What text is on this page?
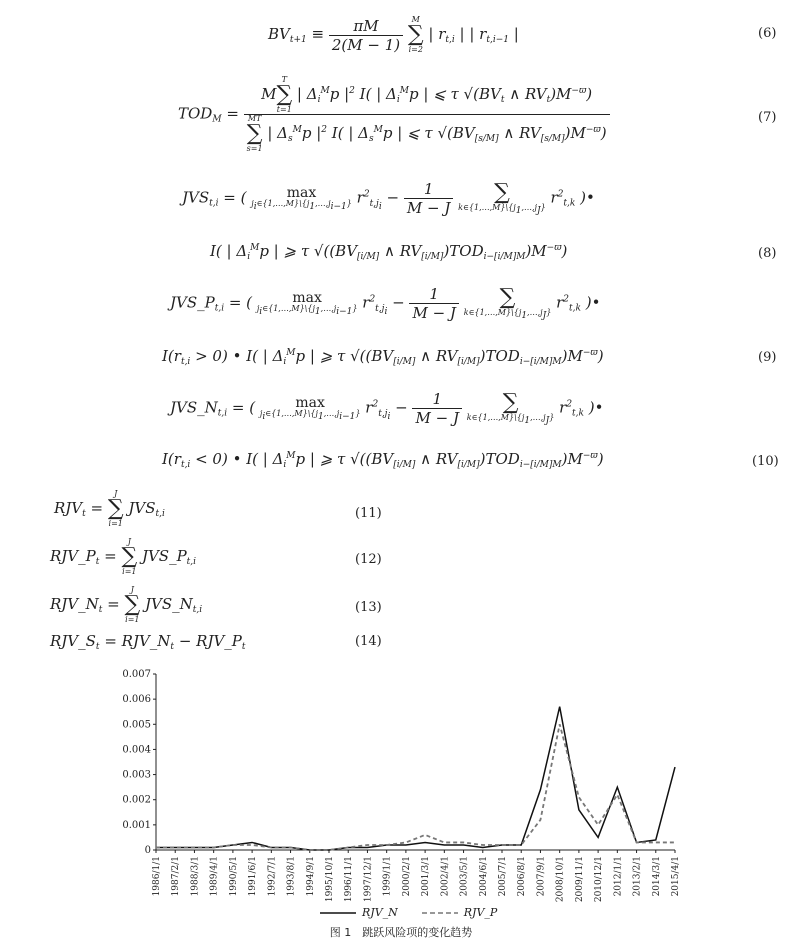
$BV_{t+1} \equiv \frac{\pi M}{2(M - 1)}$
	M
∑
i=2
| $r_{t,i}$ | | $r_{t,i-1}$ |	(6)
$TOD_M = M$
T
∑
t=1
| $\Delta_i^Mp$ $|^2$ I( | $\Delta_i^Mp$ | ⩽ τ $√(BV_t$ ∧ $RV_t)M^{-ϖ}$)
MT
∑
s=1
| $\Delta_s^Mp$ $|^2$ I( | $\Delta_s^Mp$ | ⩽ τ $√(BV_{[s/M]}$ ∧ $RV_{[s/M]})M^{-ϖ}$)	(7)
$JVS_{t,i}$ = (	max
ji∈{1,…,M}\{j1,…,ji−1} $r^2_{t,ji} - \frac{1}{M - J}$
	∑
k∈{1,…,M}\{j1,…,jJ}
$r^2_{t,k}$ )•
I( | $\Delta_i^Mp$ | ⩾ τ $√((BV_{[i/M]}$ ∧ $RV_{[i/M]})TOD_{i-[i/M]M})M^{-ϖ}$)	(8)
$JVS\_P_{t,i}$ = (	max
ji∈{1,…,M}\{j1,…,ji−1} $r^2_{t,ji} - \frac{1}{M - J}$
	∑
k∈{1,…,M}\{j1,…,jJ}
$r^2_{t,k}$ )•
$I(r_{t,i} > 0)$ • I( | $\Delta_i^Mp$ | ⩾ τ $√((BV_{[i/M]}$ ∧ $RV_{[i/M]})TOD_{i-[i/M]M})M^{-ϖ}$)	(9)
$JVS\_N_{t,i}$ = (	max
ji∈{1,…,M}\{j1,…,ji−1} $r^2_{t,ji} - \frac{1}{M - J}$
	∑
k∈{1,…,M}\{j1,…,jJ}
$r^2_{t,k}$ )•
$I(r_{t,i} < 0)$ • I( | $\Delta_i^Mp$ | ⩾ τ $√((BV_{[i/M]}$ ∧ $RV_{[i/M]})TOD_{i-[i/M]M})M^{-ϖ}$)	(10)
$RJV_t$ =
J
∑
i=1
$JVS_{t,i}$	(11)
$RJV\_P_t$ =
J
∑
i=1
$JVS\_P_{t,i}$	(12)
$RJV\_N_t$ =
J
∑
i=1
$JVS\_N_{t,i}$	(13)
$RJV\_S_t$ = $RJV\_N_t$ − $RJV\_P_t$	(14)
0
0.001
0.002
0.003
0.004
0.005
0.006
0.007
1986/1/1 1987/2/1 1988/3/1 1989/4/1 1990/5/1 1991/6/1 1992/7/1 1993/8/1 1994/9/1 1995/10/1 1996/11/1 1997/12/1 1999/1/1 2000/2/1 2001/3/1 2002/4/1 2003/5/1 2004/6/1 2005/7/1 2006/8/1 2007/9/1 2008/10/1 2009/11/1 2010/12/1 2012/1/1 2013/2/1 2014/3/1 2015/4/1
RJV_N	RJV_P
图 1　跳跃风险项的变化趋势
